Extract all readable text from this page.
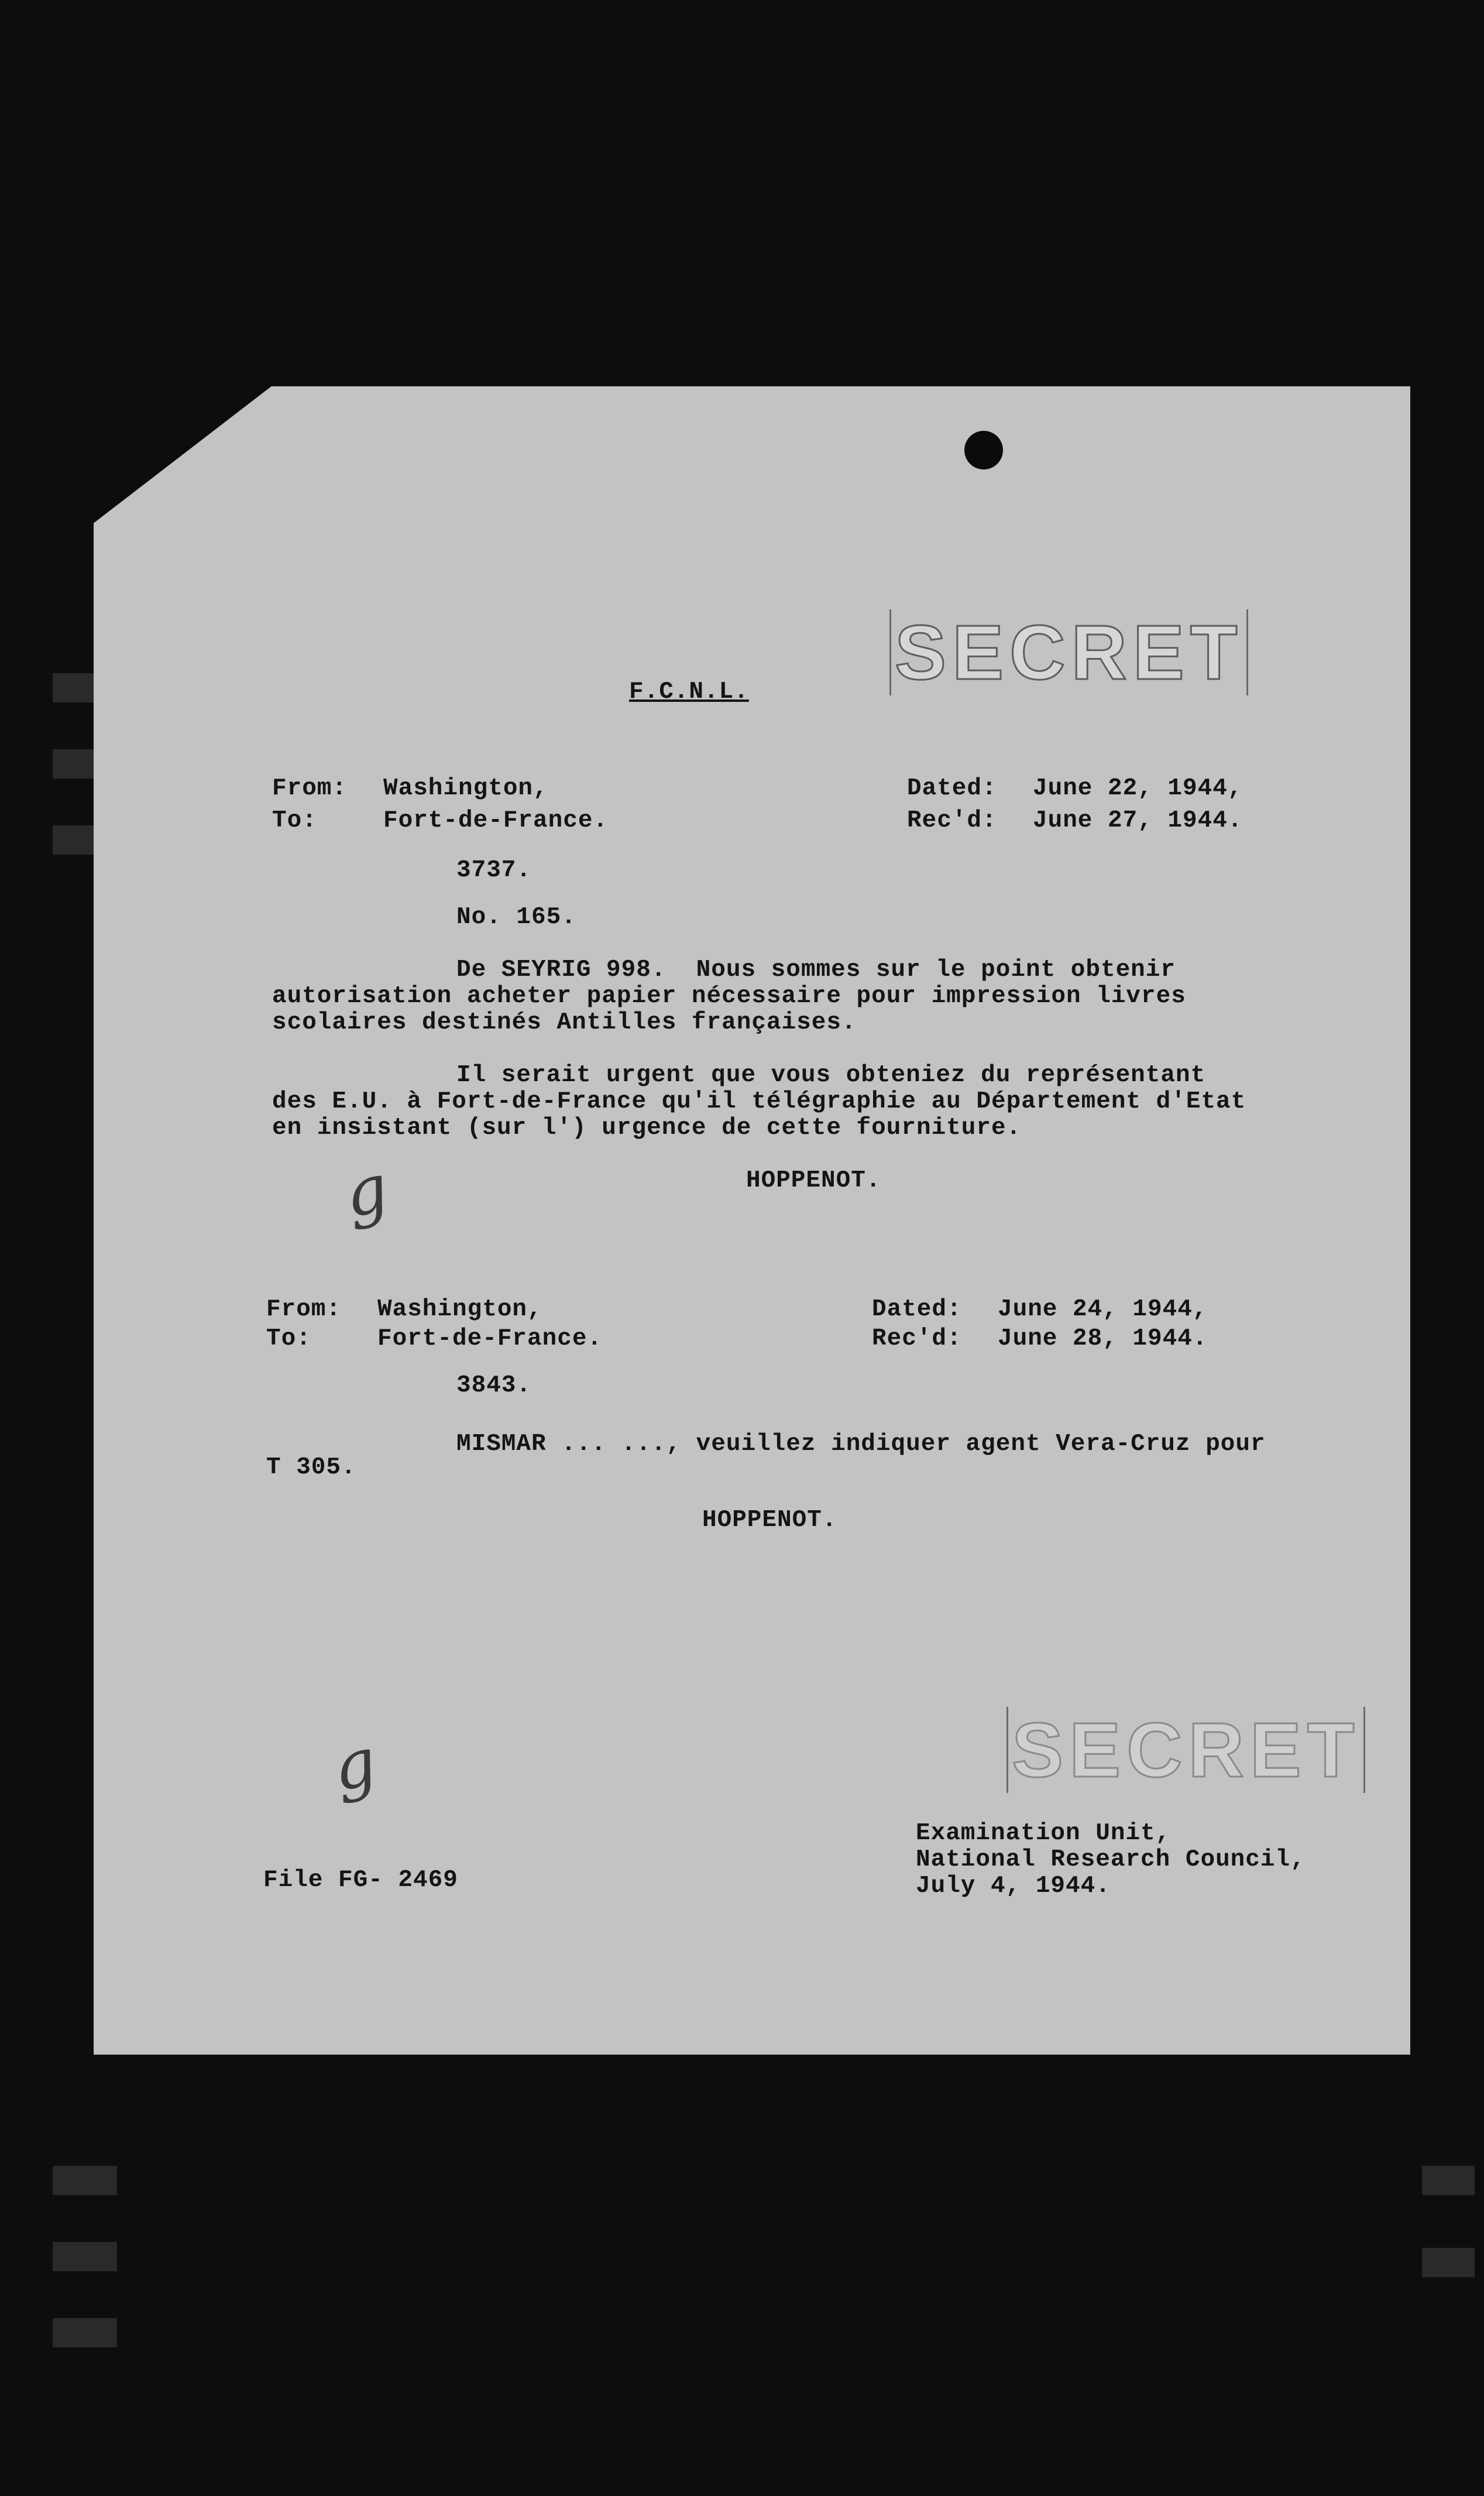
SECRET
F.C.N.L.
From: Washington,
To:	Fort-de-France.
Dated: June 22, 1944,
Rec'd: June 27, 1944.
3737.
No. 165.
De SEYRIG 998.  Nous sommes sur le point obtenir
autorisation acheter papier nécessaire pour impression livres
scolaires destinés Antilles françaises.
Il serait urgent que vous obteniez du représentant
des E.U. à Fort-de-France qu'il télégraphie au Département d'Etat
en insistant (sur l') urgence de cette fourniture.
HOPPENOT.
g
From: Washington,
To:	Fort-de-France.
Dated: June 24, 1944,
Rec'd: June 28, 1944.
3843.
MISMAR ... ..., veuillez indiquer agent Vera-Cruz pour
T 305.
HOPPENOT.
SECRET
g
Examination Unit,
National Research Council,
July 4, 1944.
File FG- 2469
